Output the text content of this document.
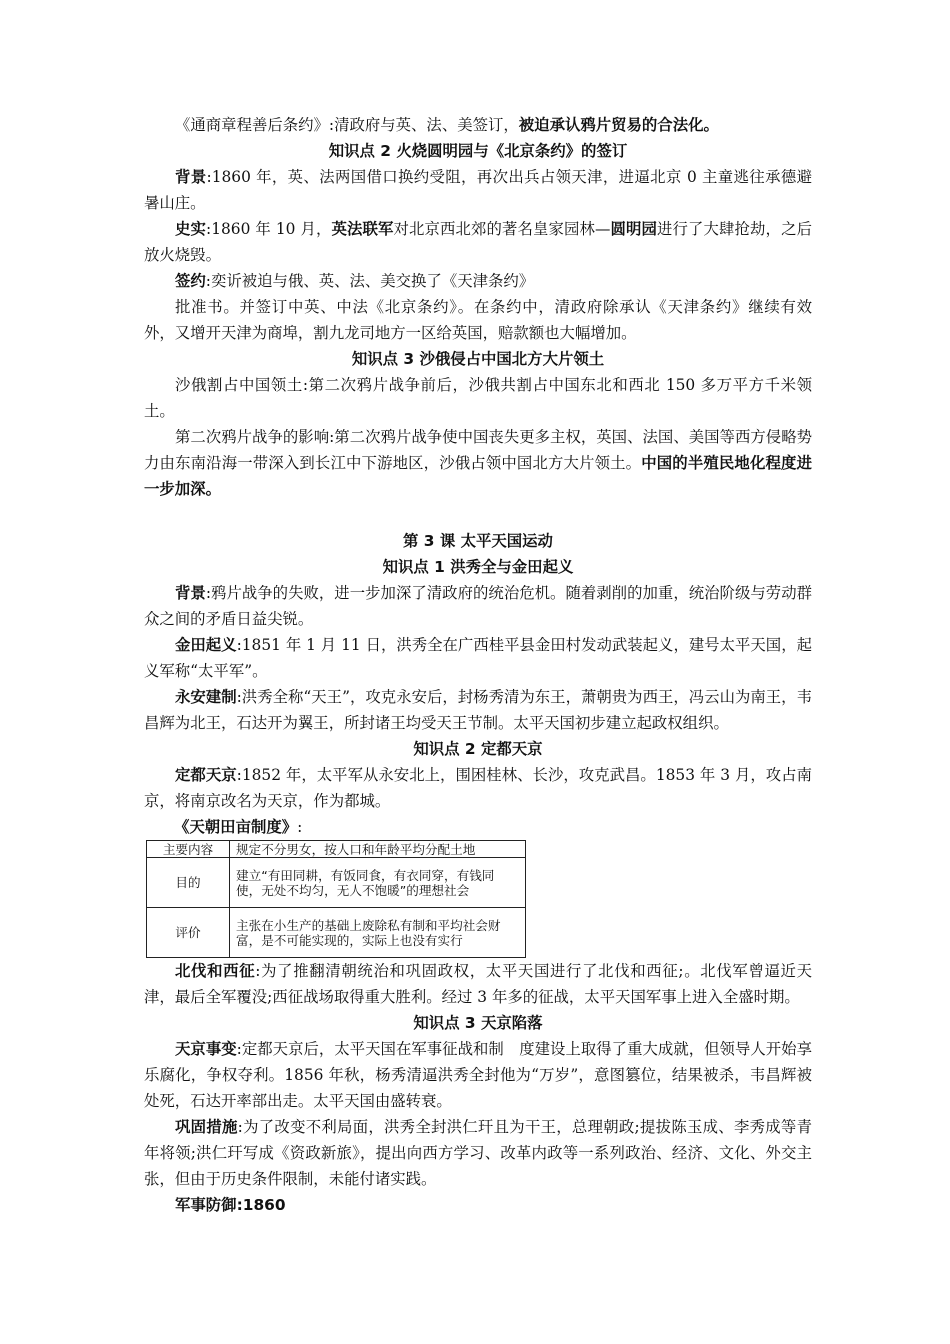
《通商章程善后条约》:清政府与英、法、美签订，被迫承认鸦片贸易的合法化。

知识点 2 火烧圆明园与《北京条约》的签订

背景:1860 年，英、法两国借口换约受阻，再次出兵占领天津，进逼北京 0 主童逃往承德避暑山庄。

史实:1860 年 10 月，英法联军对北京西北郊的著名皇家园林—圆明园进行了大肆抢劫，之后放火烧毁。

签约:奕䜣被迫与俄、英、法、美交换了《天津条约》

批准书。并签订中英、中法《北京条约》。在条约中，清政府除承认《天津条约》继续有效外，又增开天津为商埠，割九龙司地方一区给英国，赔款额也大幅增加。

知识点 3 沙俄侵占中国北方大片领土

沙俄割占中国领土:第二次鸦片战争前后，沙俄共割占中国东北和西北 150 多万平方千米领土。

第二次鸦片战争的影响:第二次鸦片战争使中国丧失更多主权，英国、法国、美国等西方侵略势力由东南沿海一带深入到长江中下游地区，沙俄占领中国北方大片领土。中国的半殖民地化程度进一步加深。

第 3 课 太平天国运动

知识点 1 洪秀全与金田起义

背景:鸦片战争的失败，进一步加深了清政府的统治危机。随着剥削的加重，统治阶级与劳动群众之间的矛盾日益尖锐。

金田起义:1851 年 1 月 11 日，洪秀全在广西桂平县金田村发动武装起义，建号太平天国，起义军称“太平军”。

永安建制:洪秀全称“天王”，攻克永安后，封杨秀清为东王，萧朝贵为西王，冯云山为南王，韦昌辉为北王，石达开为翼王，所封诸王均受天王节制。太平天国初步建立起政权组织。

知识点 2 定都天京

定都天京:1852 年，太平军从永安北上，围困桂林、长沙，攻克武昌。1853 年 3 月，攻占南京，将南京改名为天京，作为都城。

《天朝田亩制度》:

主要内容	规定不分男女，按人口和年龄平均分配土地
目的	建立“有田同耕，有饭同食，有衣同穿，有钱同使，无处不均匀，无人不饱暖”的理想社会
评价	主张在小生产的基础上废除私有制和平均社会财富，是不可能实现的，实际上也没有实行

北伐和西征:为了推翻清朝统治和巩固政权，太平天国进行了北伐和西征;。北伐军曾逼近天津，最后全军覆没;西征战场取得重大胜利。经过 3 年多的征战，太平天国军事上进入全盛时期。

知识点 3 天京陷落

天京事变:定都天京后，太平天国在军事征战和制　度建设上取得了重大成就，但领导人开始享乐腐化，争权夺利。1856 年秋，杨秀清逼洪秀全封他为“万岁”，意图篡位，结果被杀，韦昌辉被处死，石达开率部出走。太平天国由盛转衰。

巩固措施:为了改变不利局面，洪秀全封洪仁玕且为干王，总理朝政;提拔陈玉成、李秀成等青年将领;洪仁玕写成《资政新旅》，提出向西方学习、改革内政等一系列政治、经济、文化、外交主张，但由于历史条件限制，未能付诸实践。

军事防御:1860
